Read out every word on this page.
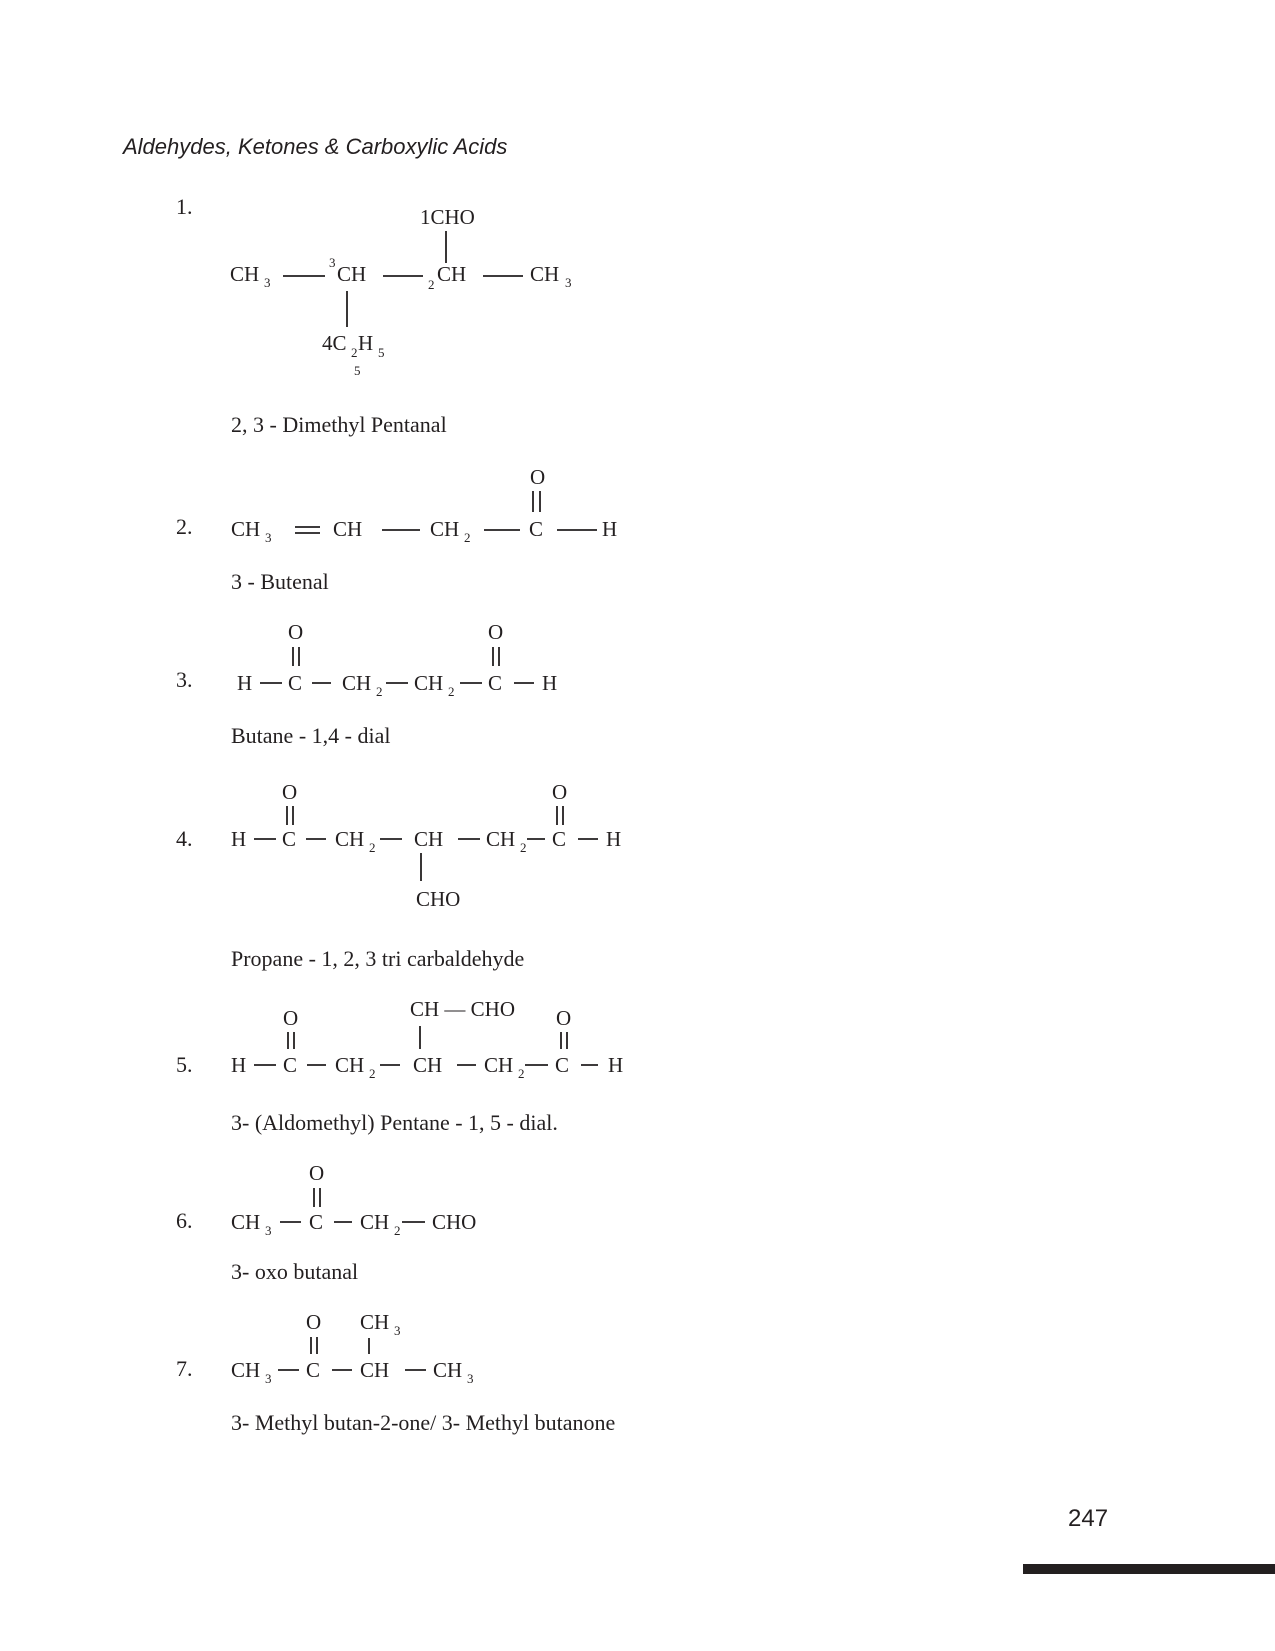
Aldehydes, Ketones & Carboxylic Acids
1.	1CHO
CH 3
3 CH	2 CH	CH 3
4C 2 H 5
5
2, 3 - Dimethyl Pentanal
2.
O
CH 3	CH	CH 2	C	H
3 - Butenal
3.
O	O
H C CH 2 CH 2 C H
Butane - 1,4 - dial
4.
O	O
H C CH 2 CH CH 2 C H
CHO
Propane - 1, 2, 3 tri carbaldehyde
5.
CH — CHO
O	O
H C CH 2 CH CH 2 C H
3- (Aldomethyl) Pentane - 1, 5 - dial.
6.
O
CH 3 C CH 2 CHO
3- oxo butanal
7.
O CH 3
CH 3 C CH CH 3
3- Methyl butan-2-one/ 3- Methyl butanone
247
